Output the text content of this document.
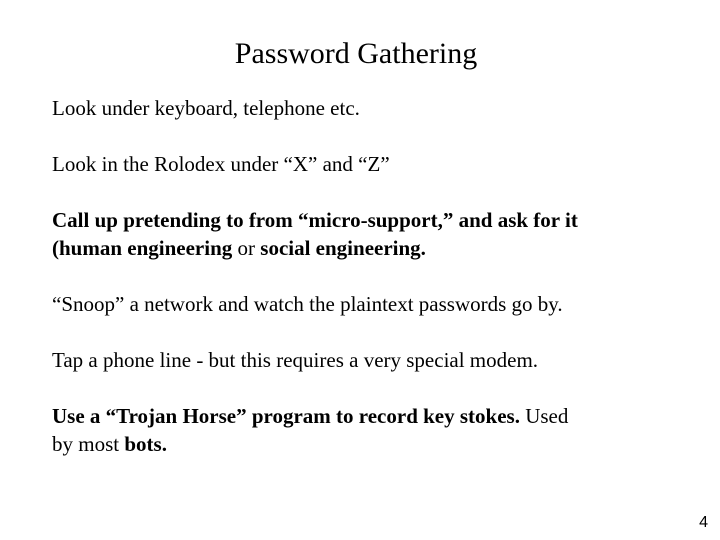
Password Gathering

Look under keyboard, telephone etc.

Look in the Rolodex under “X” and “Z”

Call up pretending to from “micro-support,” and ask for it
(human engineering or social engineering.

“Snoop” a network and watch the plaintext passwords go by.

Tap a phone line - but this requires a very special modem.

Use a “Trojan Horse” program to record key stokes. Used
by most bots.

4
